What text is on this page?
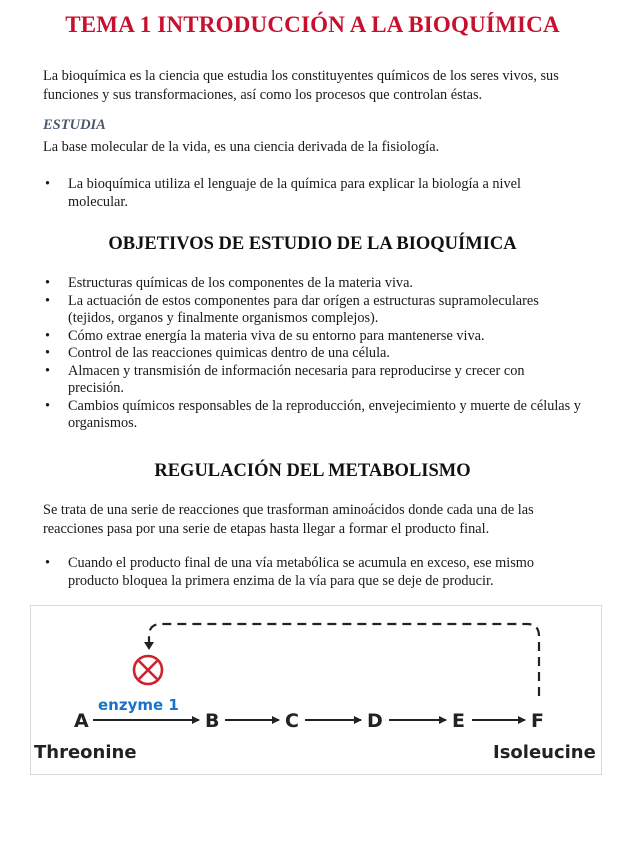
TEMA 1 INTRODUCCIÓN A LA BIOQUÍMICA

La bioquímica es la ciencia que estudia los constituyentes químicos de los seres vivos, sus funciones y sus transformaciones, así como los procesos que controlan éstas.

ESTUDIA

La base molecular de la vida, es una ciencia derivada de la fisiología.

• La bioquímica utiliza el lenguaje de la química para explicar la biología a nivel molecular.
OBJETIVOS DE ESTUDIO DE LA BIOQUÍMICA
• Estructuras químicas de los componentes de la materia viva.
• La actuación de estos componentes para dar orígen a estructuras supramoleculares (tejidos, organos y finalmente organismos complejos).
• Cómo extrae energía la materia viva de su entorno para mantenerse viva.
• Control de las reacciones quimicas dentro de una célula.
• Almacen y transmisión de información necesaria para reproducirse y crecer con precisión.
• Cambios químicos responsables de la reproducción, envejecimiento y muerte de células y organismos.
REGULACIÓN DEL METABOLISMO

Se trata de una serie de reacciones que trasforman aminoácidos donde cada una de las reacciones pasa por una serie de etapas hasta llegar a formar el producto final.

• Cuando el producto final de una vía metabólica se acumula en exceso, ese mismo producto bloquea la primera enzima de la vía para que se deje de producir.
enzyme 1
A	B	C	D	E	F
Threonine	Isoleucine
